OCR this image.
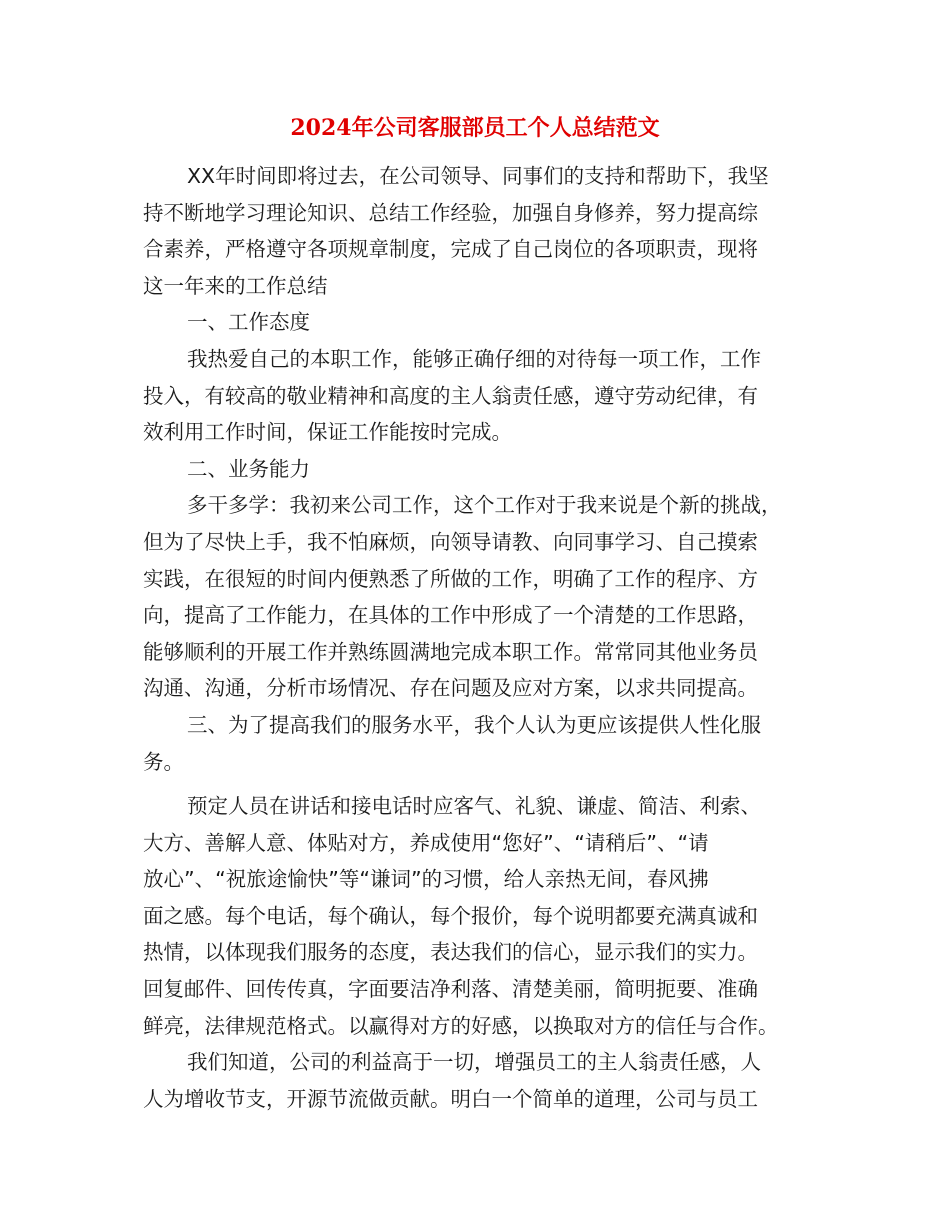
2024年公司客服部员工个人总结范文
XX年时间即将过去，在公司领导、同事们的支持和帮助下，我坚
持不断地学习理论知识、总结工作经验，加强自身修养，努力提高综
合素养，严格遵守各项规章制度，完成了自己岗位的各项职责，现将
这一年来的工作总结
一、工作态度
我热爱自己的本职工作，能够正确仔细的对待每一项工作，工作
投入，有较高的敬业精神和高度的主人翁责任感，遵守劳动纪律，有
效利用工作时间，保证工作能按时完成。
二、业务能力
多干多学：我初来公司工作，这个工作对于我来说是个新的挑战，
但为了尽快上手，我不怕麻烦，向领导请教、向同事学习、自己摸索
实践，在很短的时间内便熟悉了所做的工作，明确了工作的程序、方
向，提高了工作能力，在具体的工作中形成了一个清楚的工作思路，
能够顺利的开展工作并熟练圆满地完成本职工作。常常同其他业务员
沟通、沟通，分析市场情况、存在问题及应对方案，以求共同提高。
三、为了提高我们的服务水平，我个人认为更应该提供人性化服
务。
预定人员在讲话和接电话时应客气、礼貌、谦虚、简洁、利索、
大方、善解人意、体贴对方，养成使用“您好”、“请稍后”、“请
放心”、“祝旅途愉快”等“谦词”的习惯，给人亲热无间，春风拂
面之感。每个电话，每个确认，每个报价，每个说明都要充满真诚和
热情，以体现我们服务的态度，表达我们的信心，显示我们的实力。
回复邮件、回传传真，字面要洁净利落、清楚美丽，简明扼要、准确
鲜亮，法律规范格式。以赢得对方的好感，以换取对方的信任与合作。
我们知道，公司的利益高于一切，增强员工的主人翁责任感，人
人为增收节支，开源节流做贡献。明白一个简单的道理，公司与员工
